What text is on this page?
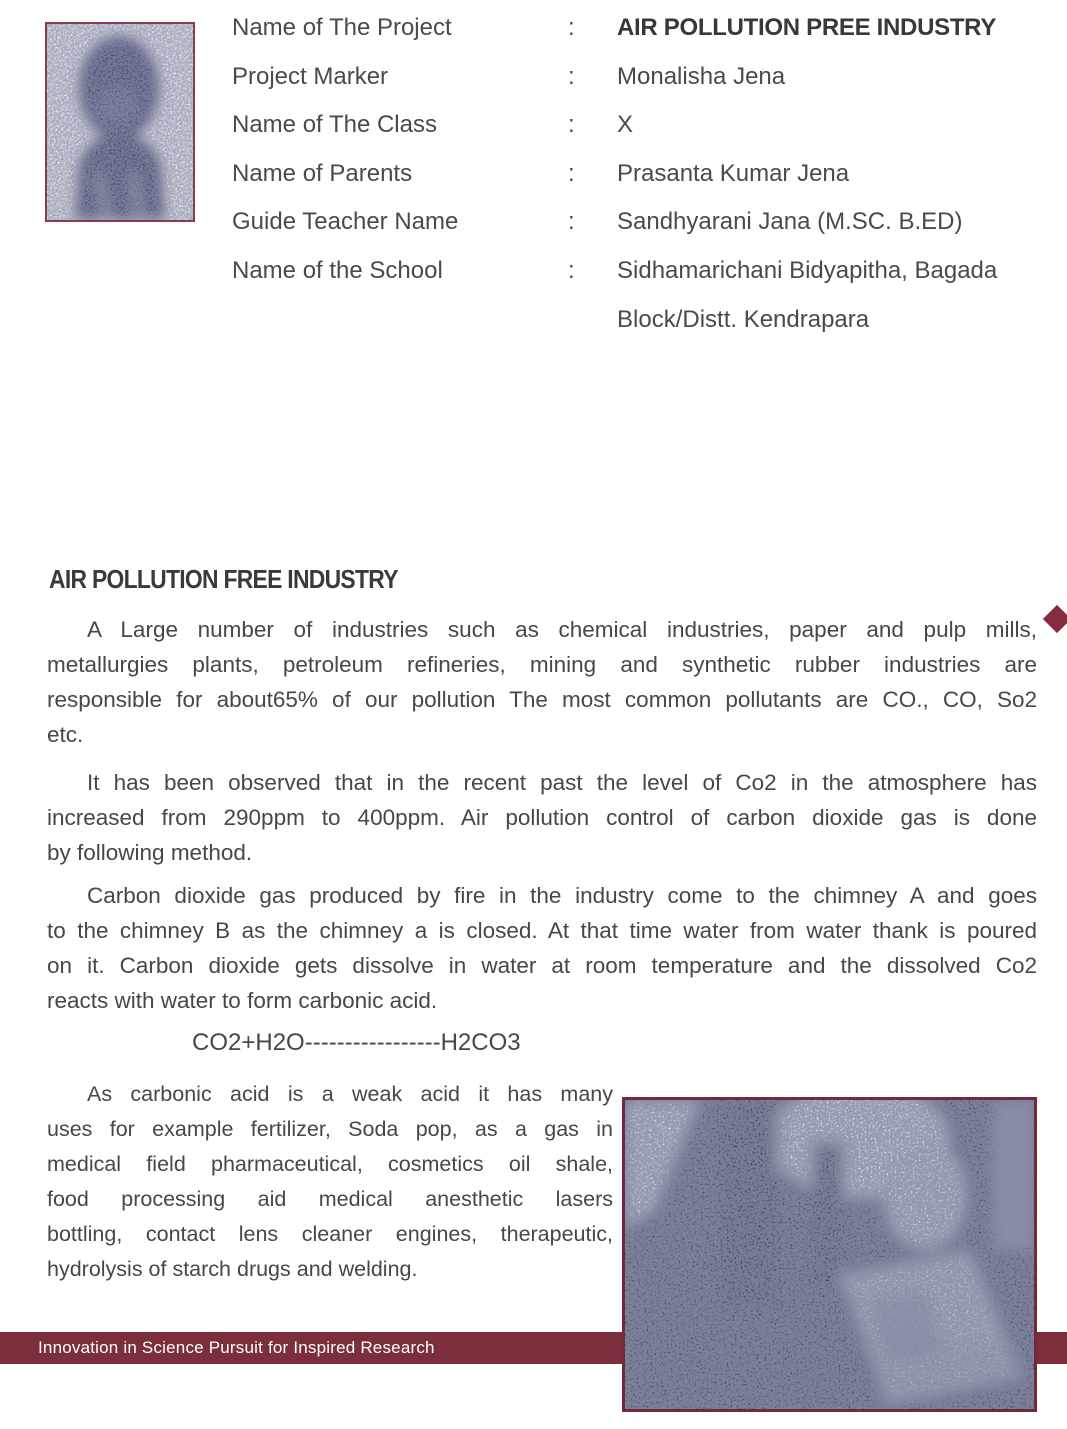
Name of The Project	:	AIR POLLUTION PREE INDUSTRY
Project Marker	:	Monalisha Jena
Name of The Class	:	X
Name of Parents	:	Prasanta Kumar Jena
Guide Teacher Name	:	Sandhyarani Jana (M.SC. B.ED)
Name of the School	:	Sidhamarichani Bidyapitha, Bagada Block/Distt. Kendrapara
AIR POLLUTION FREE INDUSTRY
A Large number of industries such as chemical industries, paper and pulp mills,
metallurgies plants, petroleum refineries, mining and synthetic rubber industries are
responsible for about65% of our pollution The most common pollutants are CO., CO, So2
etc.
It has been observed that in the recent past the level of Co2 in the atmosphere has
increased from 290ppm to 400ppm. Air pollution control of carbon dioxide gas is done
by following method.
Carbon dioxide gas produced by fire in the industry come to the chimney A and goes
to the chimney B as the chimney a is closed. At that time water from water thank is poured
on it. Carbon dioxide gets dissolve in water at room temperature and the dissolved Co2
reacts with water to form carbonic acid.
CO2+H2O-----------------H2CO3
As carbonic acid is a weak acid it has many
uses for example fertilizer, Soda pop, as a gas in
medical field pharmaceutical, cosmetics oil shale,
food processing aid medical anesthetic lasers
bottling, contact lens cleaner engines, therapeutic,
hydrolysis of starch drugs and welding.
Innovation in Science Pursuit for Inspired Research
